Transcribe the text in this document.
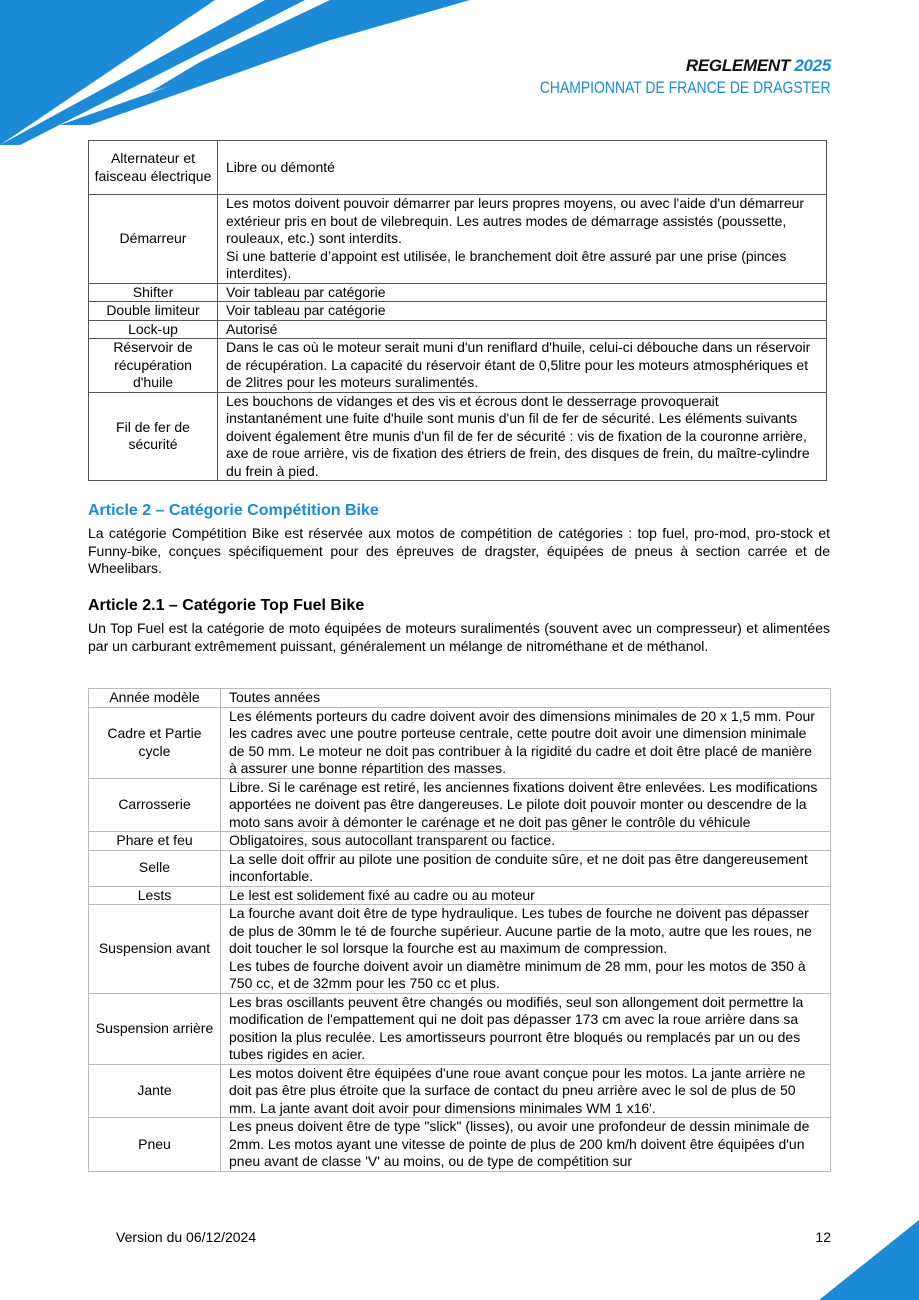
REGLEMENT 2025
CHAMPIONNAT DE FRANCE DE DRAGSTER
Alternateur et faisceau électrique	Libre ou démonté
Démarreur	Les motos doivent pouvoir démarrer par leurs propres moyens, ou avec l'aide d'un démarreur extérieur pris en bout de vilebrequin. Les autres modes de démarrage assistés (poussette, rouleaux, etc.) sont interdits.
Si une batterie d’appoint est utilisée, le branchement doit être assuré par une prise (pinces interdites).

Shifter	Voir tableau par catégorie
Double limiteur	Voir tableau par catégorie
Lock-up	Autorisé
Réservoir de récupération d'huile	Dans le cas où le moteur serait muni d'un reniflard d'huile, celui-ci débouche dans un réservoir de récupération. La capacité du réservoir étant de 0,5litre pour les moteurs atmosphériques et de 2litres pour les moteurs suralimentés.
Fil de fer de sécurité	Les bouchons de vidanges et des vis et écrous dont le desserrage provoquerait instantanément une fuite d'huile sont munis d'un fil de fer de sécurité. Les éléments suivants doivent également être munis d'un fil de fer de sécurité : vis de fixation de la couronne arrière, axe de roue arrière, vis de fixation des étriers de frein, des disques de frein, du maître-cylindre du frein à pied.
Article 2 – Catégorie Compétition Bike
La catégorie Compétition Bike est réservée aux motos de compétition de catégories : top fuel, pro-mod, pro-stock et Funny-bike, conçues spécifiquement pour des épreuves de dragster, équipées de pneus à section carrée et de Wheelibars.
Article 2.1 – Catégorie Top Fuel Bike
Un Top Fuel est la catégorie de moto équipées de moteurs suralimentés (souvent avec un compresseur) et alimentées par un carburant extrêmement puissant, généralement un mélange de nitrométhane et de méthanol.
Année modèle	Toutes années
Cadre et Partie cycle	Les éléments porteurs du cadre doivent avoir des dimensions minimales de 20 x 1,5 mm. Pour les cadres avec une poutre porteuse centrale, cette poutre doit avoir une dimension minimale de 50 mm. Le moteur ne doit pas contribuer à la rigidité du cadre et doit être placé de manière à assurer une bonne répartition des masses.
Carrosserie	Libre. Si le carénage est retiré, les anciennes fixations doivent être enlevées. Les modifications apportées ne doivent pas être dangereuses. Le pilote doit pouvoir monter ou descendre de la moto sans avoir à démonter le carénage et ne doit pas gêner le contrôle du véhicule
Phare et feu	Obligatoires, sous autocollant transparent ou factice.
Selle	La selle doit offrir au pilote une position de conduite sûre, et ne doit pas être dangereusement inconfortable.
Lests	Le lest est solidement fixé au cadre ou au moteur
Suspension avant	La fourche avant doit être de type hydraulique. Les tubes de fourche ne doivent pas dépasser de plus de 30mm le té de fourche supérieur. Aucune partie de la moto, autre que les roues, ne doit toucher le sol lorsque la fourche est au maximum de compression.
Les tubes de fourche doivent avoir un diamètre minimum de 28 mm, pour les motos de 350 à 750 cc, et de 32mm pour les 750 cc et plus.

Suspension arrière	Les bras oscillants peuvent être changés ou modifiés, seul son allongement doit permettre la modification de l'empattement qui ne doit pas dépasser 173 cm avec la roue arrière dans sa position la plus reculée. Les amortisseurs pourront être bloqués ou remplacés par un ou des tubes rigides en acier.
Jante	Les motos doivent être équipées d'une roue avant conçue pour les motos. La jante arrière ne doit pas être plus étroite que la surface de contact du pneu arrière avec le sol de plus de 50 mm. La jante avant doit avoir pour dimensions minimales WM 1 x16'.
Pneu	Les pneus doivent être de type "slick" (lisses), ou avoir une profondeur de dessin minimale de 2mm. Les motos ayant une vitesse de pointe de plus de 200 km/h doivent être équipées d'un pneu avant de classe 'V' au moins, ou de type de compétition sur
Version du 06/12/2024	12
